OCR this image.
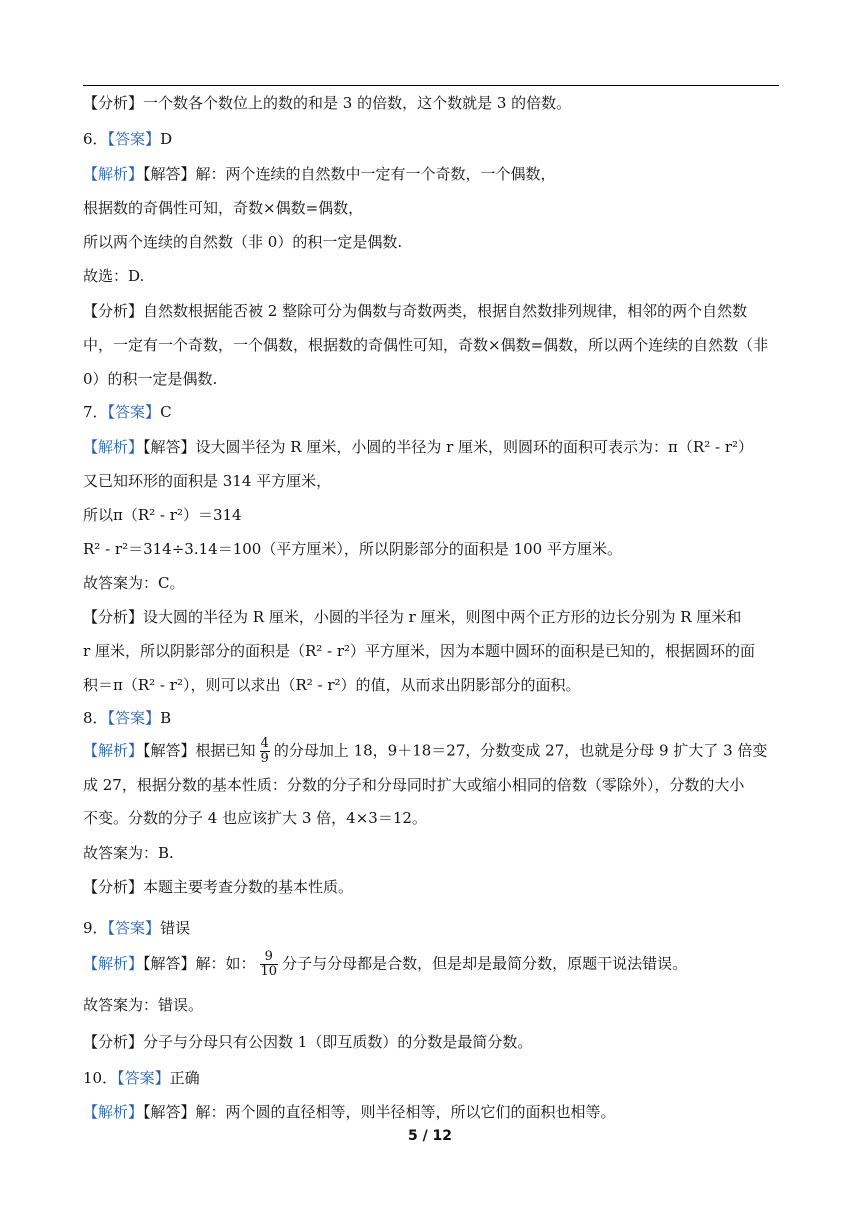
【分析】一个数各个数位上的数的和是 3 的倍数，这个数就是 3 的倍数。
6．【答案】D
【解析】【解答】解：两个连续的自然数中一定有一个奇数，一个偶数，
根据数的奇偶性可知，奇数×偶数=偶数，
所以两个连续的自然数（非 0）的积一定是偶数.
故选：D.
【分析】自然数根据能否被 2 整除可分为偶数与奇数两类，根据自然数排列规律，相邻的两个自然数
中，一定有一个奇数，一个偶数，根据数的奇偶性可知，奇数×偶数=偶数，所以两个连续的自然数（非
0）的积一定是偶数.
7．【答案】C
【解析】【解答】设大圆半径为 R 厘米，小圆的半径为 r 厘米，则圆环的面积可表示为：π（R² - r²）
又已知环形的面积是 314 平方厘米，
所以π（R² - r²）＝314
R² - r²＝314÷3.14＝100（平方厘米），所以阴影部分的面积是 100 平方厘米。
故答案为：C。
【分析】设大圆的半径为 R 厘米，小圆的半径为 r 厘米，则图中两个正方形的边长分别为 R 厘米和
r 厘米，所以阴影部分的面积是（R² - r²）平方厘米，因为本题中圆环的面积是已知的，根据圆环的面
积＝π（R² - r²），则可以求出（R² - r²）的值，从而求出阴影部分的面积。
8．【答案】B
【解析】【解答】根据已知 $\frac{4}{9}$ 的分母加上 18，9＋18＝27，分数变成 27，也就是分母 9 扩大了 3 倍变
成 27，根据分数的基本性质：分数的分子和分母同时扩大或缩小相同的倍数（零除外），分数的大小
不变。分数的分子 4 也应该扩大 3 倍，4×3＝12。
故答案为：B.
【分析】本题主要考查分数的基本性质。
9．【答案】错误
【解析】【解答】解：如： $\frac{9}{10}$ 分子与分母都是合数，但是却是最简分数，原题干说法错误。
故答案为：错误。
【分析】分子与分母只有公因数 1（即互质数）的分数是最简分数。
10．【答案】正确
【解析】【解答】解：两个圆的直径相等，则半径相等，所以它们的面积也相等。
5 / 12
